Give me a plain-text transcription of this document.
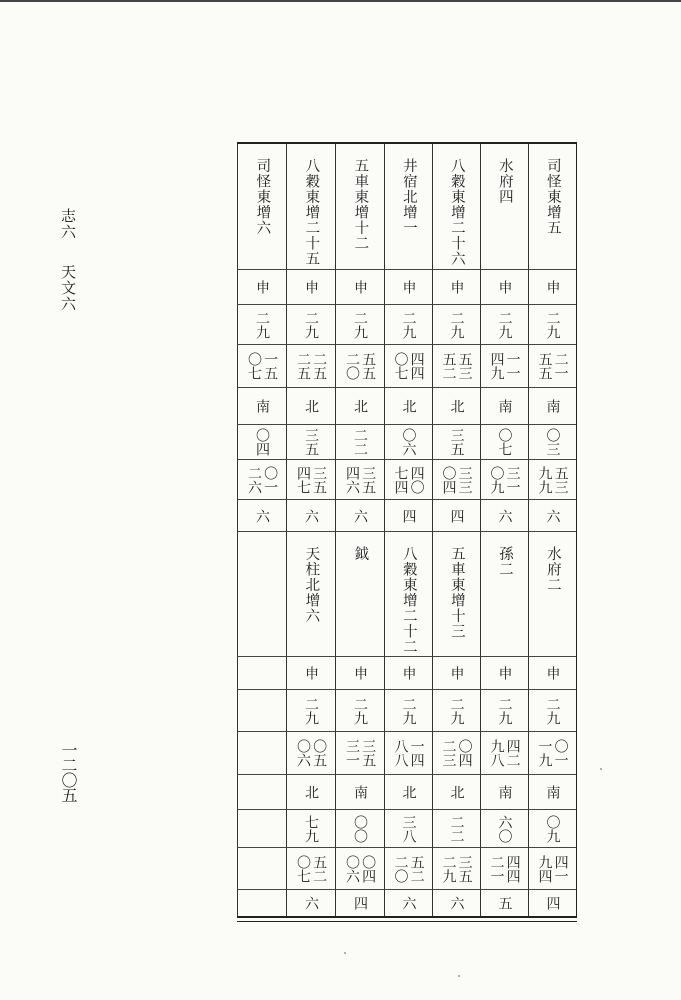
志六
天文六
一二〇五
司怪東增五
申
二九
二一
五五
南
〇三
五三
九九
六
水府二
申
二九
〇一
一九
南
〇九
四一
九四
四
水府四
申
二九
一一
四九
南
〇七
三一
〇九
六
孫二
申
二九
四二
九八
南
六〇
四四
二一
五
八穀東增二十六
申
二九
五三
五二
北
三五
三三
〇四
四
五車東增十三
申
二九
〇四
二三
北
二二
三五
二九
六
井宿北增一
申
二九
四四
〇七
北
〇六
四〇
七四
四
八穀東增二十二
申
二九
一四
八八
北
三八
五二
二〇
六
五車東增十二
申
二九
五五
二〇
北
二二
三五
四六
六
鉞
申
二九
三五
三一
南
〇〇
〇四
〇六
四
八穀東增二十五
申
二九
二五
二五
北
三五
三五
四七
六
天柱北增六
申
二九
〇五
〇六
北
七九
五二
〇七
六
司怪東增六
申
二九
一五
〇七
南
〇四
〇一
二六
六
